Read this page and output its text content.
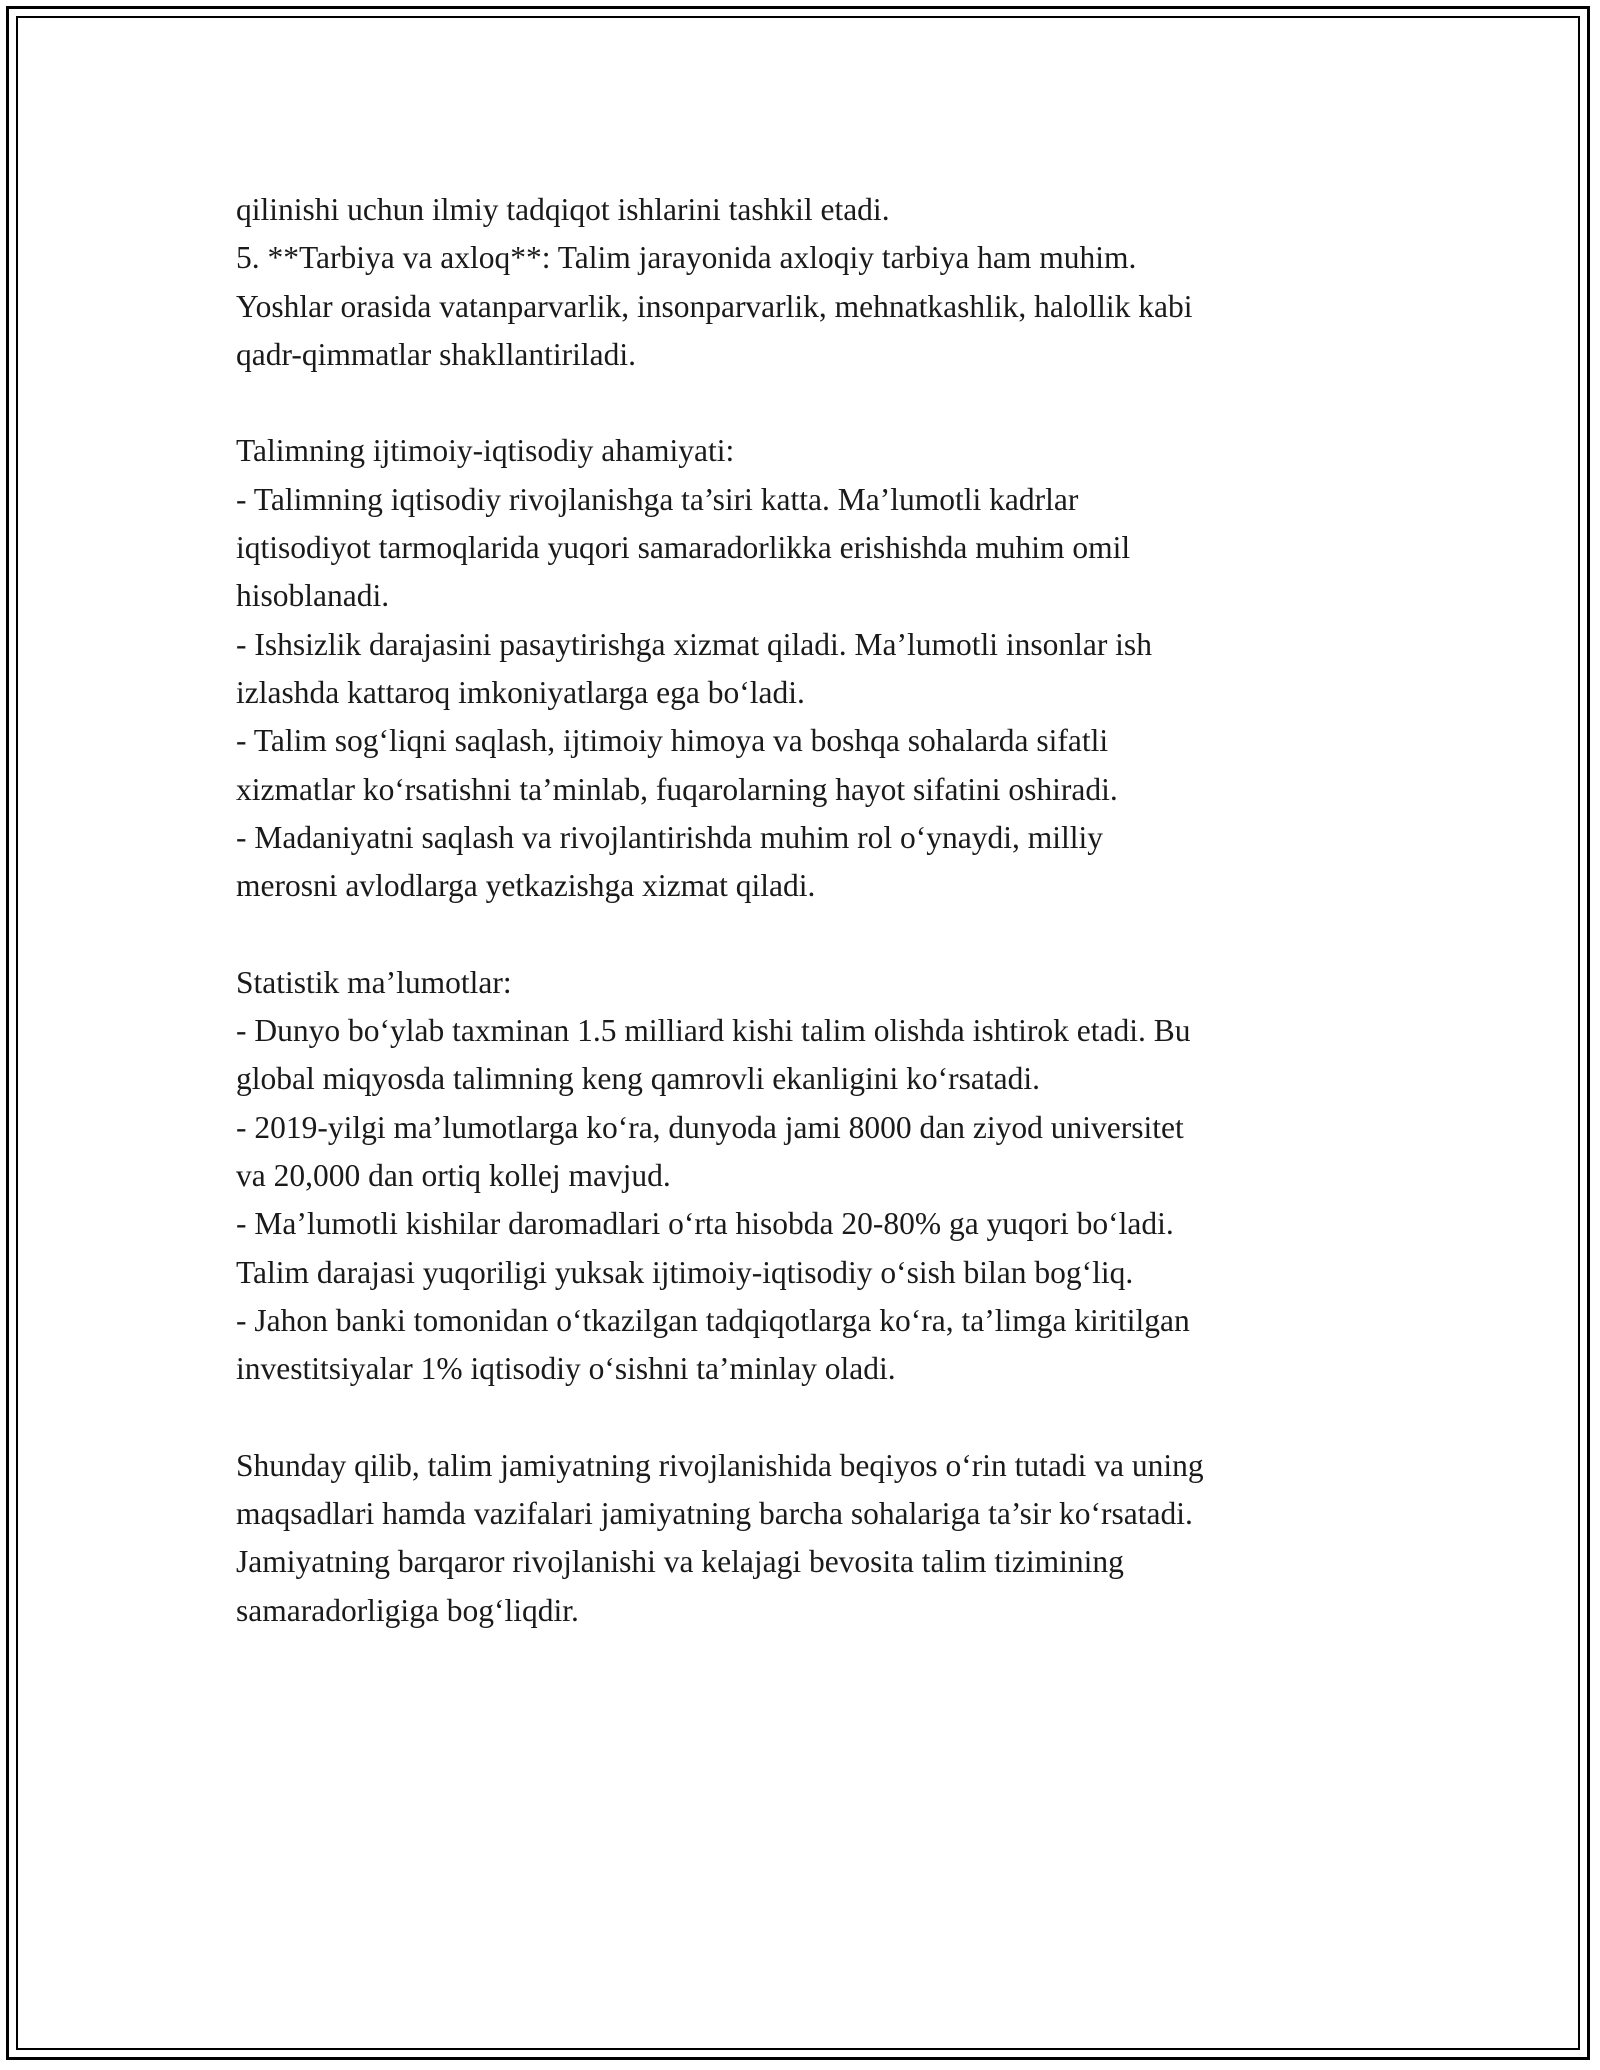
qilinishi uchun ilmiy tadqiqot ishlarini tashkil etadi.
5. **Tarbiya va axloq**: Talim jarayonida axloqiy tarbiya ham muhim.
Yoshlar orasida vatanparvarlik, insonparvarlik, mehnatkashlik, halollik kabi
qadr-qimmatlar shakllantiriladi.
Talimning ijtimoiy-iqtisodiy ahamiyati:
- Talimning iqtisodiy rivojlanishga ta’siri katta. Ma’lumotli kadrlar
iqtisodiyot tarmoqlarida yuqori samaradorlikka erishishda muhim omil
hisoblanadi.
- Ishsizlik darajasini pasaytirishga xizmat qiladi. Ma’lumotli insonlar ish
izlashda kattaroq imkoniyatlarga ega bo‘ladi.
- Talim sog‘liqni saqlash, ijtimoiy himoya va boshqa sohalarda sifatli
xizmatlar ko‘rsatishni ta’minlab, fuqarolarning hayot sifatini oshiradi.
- Madaniyatni saqlash va rivojlantirishda muhim rol o‘ynaydi, milliy
merosni avlodlarga yetkazishga xizmat qiladi.
Statistik ma’lumotlar:
- Dunyo bo‘ylab taxminan 1.5 milliard kishi talim olishda ishtirok etadi. Bu
global miqyosda talimning keng qamrovli ekanligini ko‘rsatadi.
- 2019-yilgi ma’lumotlarga ko‘ra, dunyoda jami 8000 dan ziyod universitet
va 20,000 dan ortiq kollej mavjud.
- Ma’lumotli kishilar daromadlari o‘rta hisobda 20-80% ga yuqori bo‘ladi.
Talim darajasi yuqoriligi yuksak ijtimoiy-iqtisodiy o‘sish bilan bog‘liq.
- Jahon banki tomonidan o‘tkazilgan tadqiqotlarga ko‘ra, ta’limga kiritilgan
investitsiyalar 1% iqtisodiy o‘sishni ta’minlay oladi.
Shunday qilib, talim jamiyatning rivojlanishida beqiyos o‘rin tutadi va uning
maqsadlari hamda vazifalari jamiyatning barcha sohalariga ta’sir ko‘rsatadi.
Jamiyatning barqaror rivojlanishi va kelajagi bevosita talim tizimining
samaradorligiga bog‘liqdir.
